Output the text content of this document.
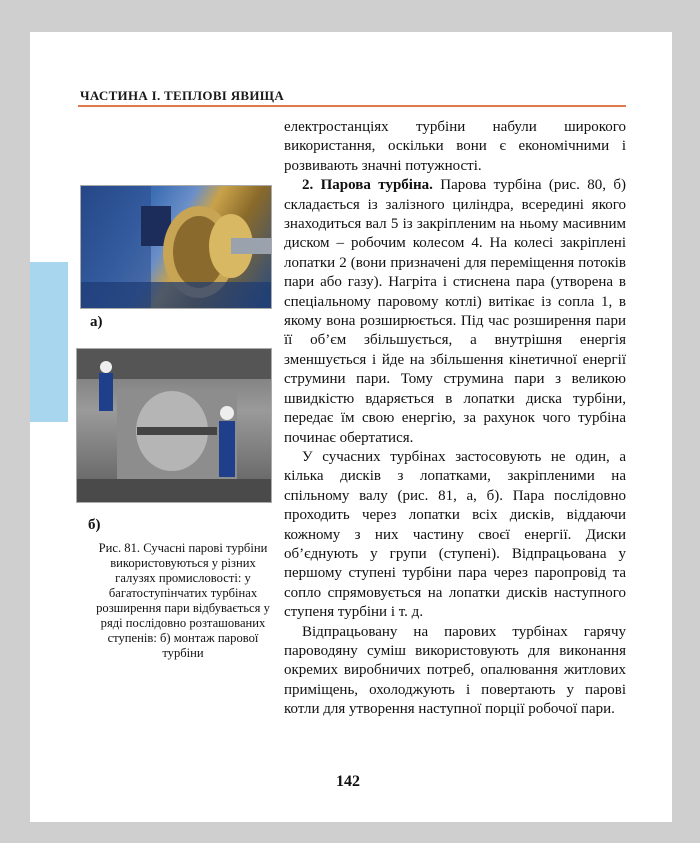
ЧАСТИНА I. ТЕПЛОВІ ЯВИЩА
а)
б)
Рис. 81. Сучасні парові турбіни використовуються у різних галузях промисловості: у багатоступінчатих турбінах розширення пари відбувається у ряді послідовно розташованих ступенів: б) монтаж парової турбіни

електростанціях турбіни набули широкого використання, оскільки вони є економічними і розвивають значні потужності.

2. Парова турбіна. Парова турбіна (рис. 80, б) складається із залізного циліндра, всередині якого знаходиться вал 5 із закріпленим на ньому масивним диском – робочим колесом 4. На колесі закріплені лопатки 2 (вони призначені для переміщення потоків пари або газу). Нагріта і стиснена пара (утворена в спеціальному паровому котлі) витікає із сопла 1, в якому вона розширюється. Під час розширення пари її об’єм збільшується, а внутрішня енергія зменшується і йде на збільшення кінетичної енергії струмини пари. Тому струмина пари з великою швидкістю вдаряється в лопатки диска турбіни, передає їм свою енергію, за рахунок чого турбіна починає обертатися.

У сучасних турбінах застосовують не один, а кілька дисків з лопатками, закріпленими на спільному валу (рис. 81, а, б). Пара послідовно проходить через лопатки всіх дисків, віддаючи кожному з них частину своєї енергії. Диски об’єднують у групи (ступені). Відпрацьована у першому ступені турбіни пара через паропровід та сопло спрямовується на лопатки дисків наступного ступеня турбіни і т. д.

Відпрацьовану на парових турбінах гарячу пароводяну суміш використовують для виконання окремих виробничих потреб, опалювання житлових приміщень, охолоджують і повертають у парові котли для утворення наступної порції робочої пари.

142
